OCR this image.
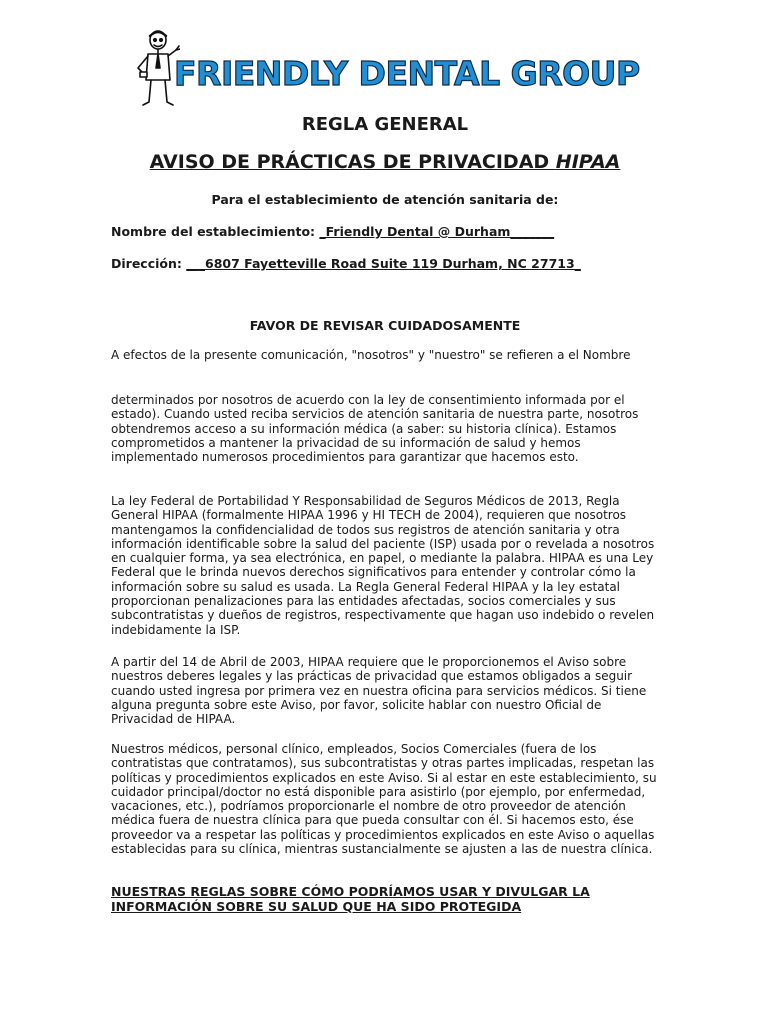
FRIENDLY DENTAL GROUP
REGLA GENERAL
AVISO DE PRÁCTICAS DE PRIVACIDAD HIPAA
Para el establecimiento de atención sanitaria de:
Nombre del establecimiento: _Friendly Dental @ Durham_______
Dirección: ___6807 Fayetteville Road Suite 119 Durham, NC 27713_
FAVOR DE REVISAR CUIDADOSAMENTE

A efectos de la presente comunicación, "nosotros" y "nuestro" se refieren a el Nombre

determinados por nosotros de acuerdo con la ley de consentimiento informada por el estado). Cuando usted reciba servicios de atención sanitaria de nuestra parte, nosotros obtendremos acceso a su información médica (a saber: su historia clínica). Estamos comprometidos a mantener la privacidad de su información de salud y hemos implementado numerosos procedimientos para garantizar que hacemos esto.

La ley Federal de Portabilidad Y Responsabilidad de Seguros Médicos de 2013, Regla General HIPAA (formalmente HIPAA 1996 y HI TECH de 2004), requieren que nosotros mantengamos la confidencialidad de todos sus registros de atención sanitaria y otra información identificable sobre la salud del paciente (ISP) usada por o revelada a nosotros en cualquier forma, ya sea electrónica, en papel, o mediante la palabra. HIPAA es una Ley Federal que le brinda nuevos derechos significativos para entender y controlar cómo la información sobre su salud es usada. La Regla General Federal HIPAA y la ley estatal proporcionan penalizaciones para las entidades afectadas, socios comerciales y sus subcontratistas y dueños de registros, respectivamente que hagan uso indebido o revelen indebidamente la ISP.

A partir del 14 de Abril de 2003, HIPAA requiere que le proporcionemos el Aviso sobre nuestros deberes legales y las prácticas de privacidad que estamos obligados a seguir cuando usted ingresa por primera vez en nuestra oficina para servicios médicos. Si tiene alguna pregunta sobre este Aviso, por favor, solicite hablar con nuestro Oficial de Privacidad de HIPAA.

Nuestros médicos, personal clínico, empleados, Socios Comerciales (fuera de los contratistas que contratamos), sus subcontratistas y otras partes implicadas, respetan las políticas y procedimientos explicados en este Aviso. Si al estar en este establecimiento, su cuidador principal/doctor no está disponible para asistirlo (por ejemplo, por enfermedad, vacaciones, etc.), podríamos proporcionarle el nombre de otro proveedor de atención médica fuera de nuestra clínica para que pueda consultar con él. Si hacemos esto, ése proveedor va a respetar las políticas y procedimientos explicados en este Aviso o aquellas establecidas para su clínica, mientras sustancialmente se ajusten a las de nuestra clínica.

NUESTRAS REGLAS SOBRE CÓMO PODRÍAMOS USAR Y DIVULGAR LA INFORMACIÓN SOBRE SU SALUD QUE HA SIDO PROTEGIDA
